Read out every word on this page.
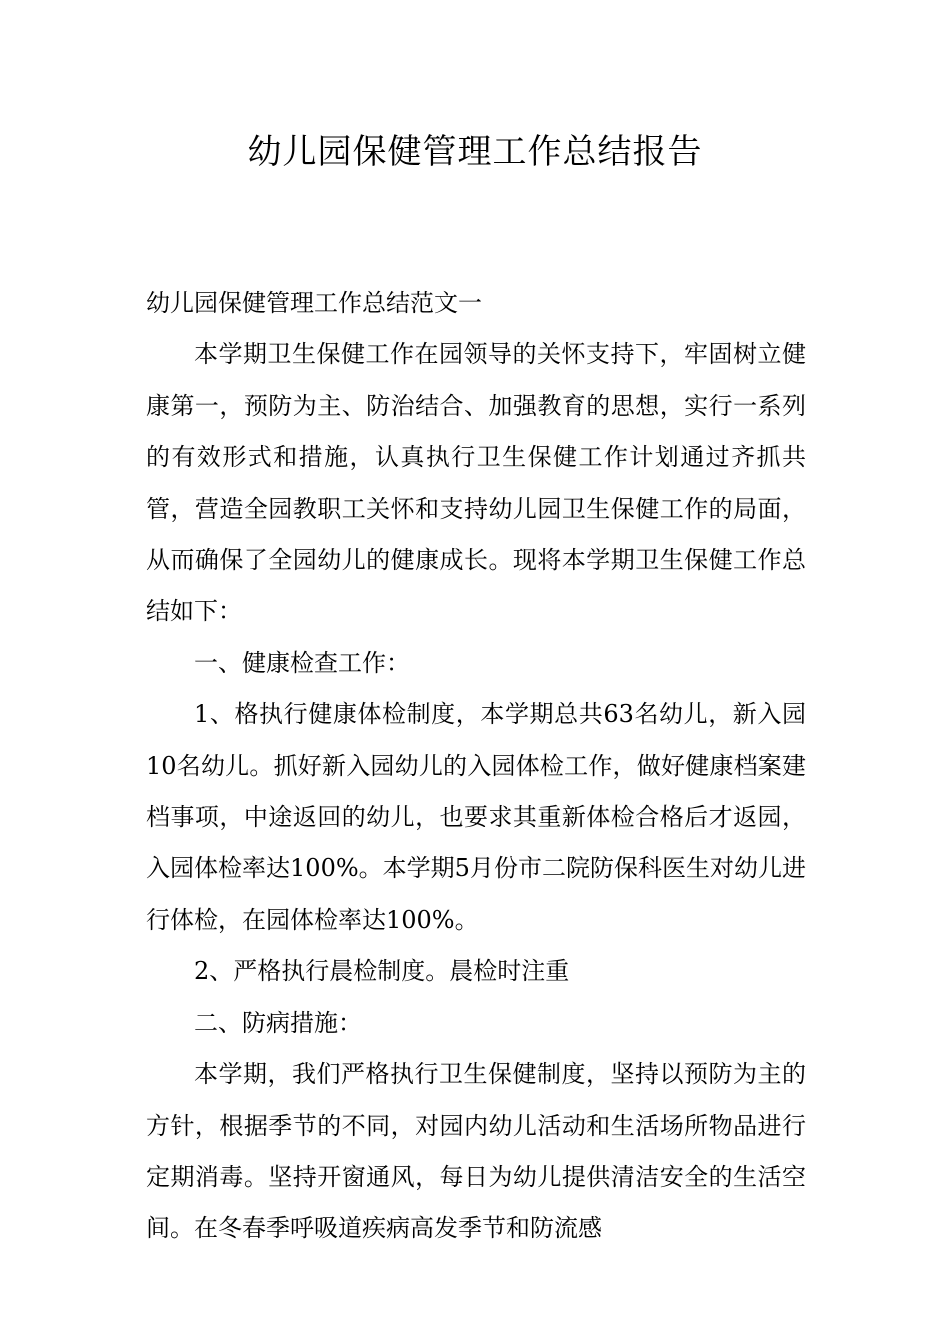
幼儿园保健管理工作总结报告

幼儿园保健管理工作总结范文一

本学期卫生保健工作在园领导的关怀支持下，牢固树立健康第一，预防为主、防治结合、加强教育的思想，实行一系列的有效形式和措施，认真执行卫生保健工作计划通过齐抓共管，营造全园教职工关怀和支持幼儿园卫生保健工作的局面，从而确保了全园幼儿的健康成长。现将本学期卫生保健工作总结如下：

一、健康检查工作：

1、格执行健康体检制度，本学期总共63名幼儿，新入园10名幼儿。抓好新入园幼儿的入园体检工作，做好健康档案建档事项，中途返回的幼儿，也要求其重新体检合格后才返园，入园体检率达100%。本学期5月份市二院防保科医生对幼儿进行体检，在园体检率达100%。

2、严格执行晨检制度。晨检时注重

二、防病措施：

本学期，我们严格执行卫生保健制度，坚持以预防为主的方针，根据季节的不同，对园内幼儿活动和生活场所物品进行定期消毒。坚持开窗通风，每日为幼儿提供清洁安全的生活空间。在冬春季呼吸道疾病高发季节和防流感
